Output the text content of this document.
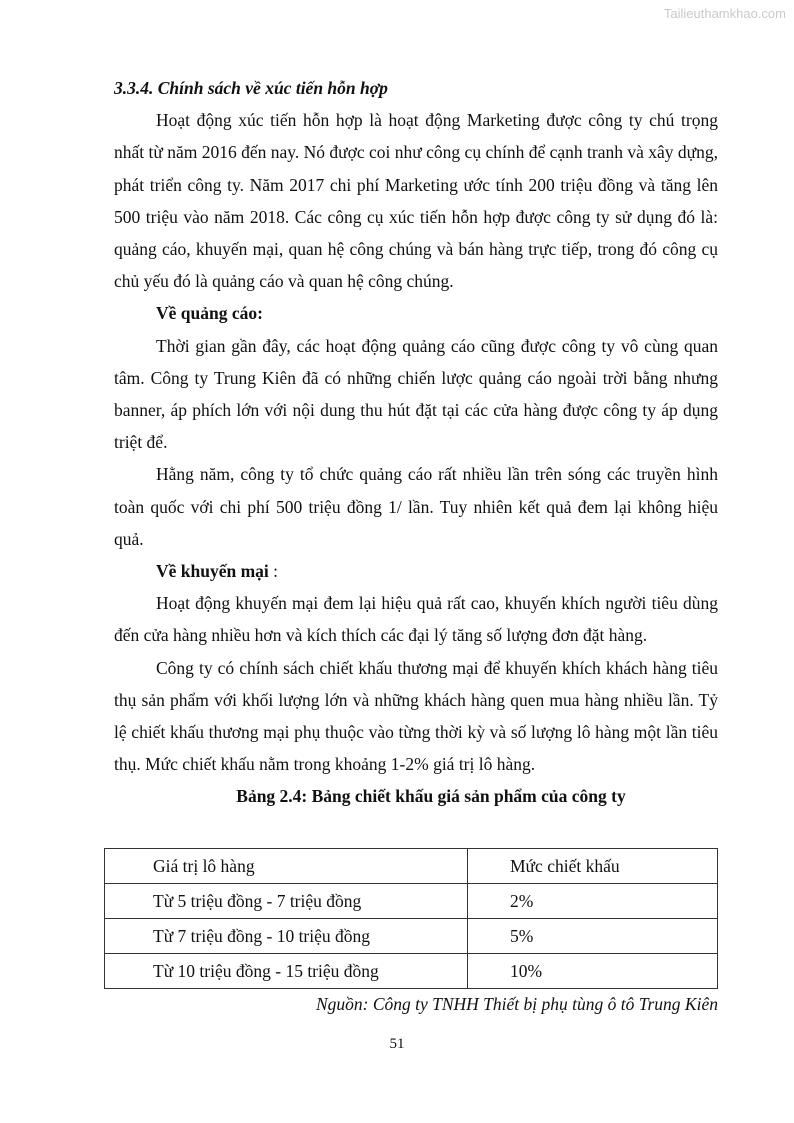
Tailieuthamkhao.com
3.3.4. Chính sách về xúc tiến hỗn hợp

Hoạt động xúc tiến hỗn hợp là hoạt động Marketing được công ty chú trọng nhất từ năm 2016 đến nay. Nó được coi như công cụ chính để cạnh tranh và xây dựng, phát triển công ty. Năm 2017 chi phí Marketing ước tính 200 triệu đồng và tăng lên 500 triệu vào năm 2018. Các công cụ xúc tiến hỗn hợp được công ty sử dụng đó là: quảng cáo, khuyến mại, quan hệ công chúng và bán hàng trực tiếp, trong đó công cụ chủ yếu đó là quảng cáo và quan hệ công chúng.

Về quảng cáo:

Thời gian gần đây, các hoạt động quảng cáo cũng được công ty vô cùng quan tâm. Công ty Trung Kiên đã có những chiến lược quảng cáo ngoài trời bằng nhưng banner, áp phích lớn với nội dung thu hút đặt tại các cửa hàng được công ty áp dụng triệt để.

Hằng năm, công ty tổ chức quảng cáo rất nhiều lần trên sóng các truyền hình toàn quốc với chi phí 500 triệu đồng 1/ lần. Tuy nhiên kết quả đem lại không hiệu quả.

Về khuyến mại :

Hoạt động khuyến mại đem lại hiệu quả rất cao, khuyến khích người tiêu dùng đến cửa hàng nhiều hơn và kích thích các đại lý tăng số lượng đơn đặt hàng.

Công ty có chính sách chiết khấu thương mại để khuyến khích khách hàng tiêu thụ sản phẩm với khối lượng lớn và những khách hàng quen mua hàng nhiều lần. Tỷ lệ chiết khấu thương mại phụ thuộc vào từng thời kỳ và số lượng lô hàng một lần tiêu thụ. Mức chiết khấu nằm trong khoảng 1-2% giá trị lô hàng.

Bảng 2.4: Bảng chiết khấu giá sản phẩm của công ty

Giá trị lô hàng	Mức chiết khấu
Từ 5 triệu đồng - 7 triệu đồng	2%
Từ 7 triệu đồng - 10 triệu đồng	5%
Từ 10 triệu đồng - 15 triệu đồng	10%
Nguồn: Công ty TNHH Thiết bị phụ tùng ô tô Trung Kiên
51
